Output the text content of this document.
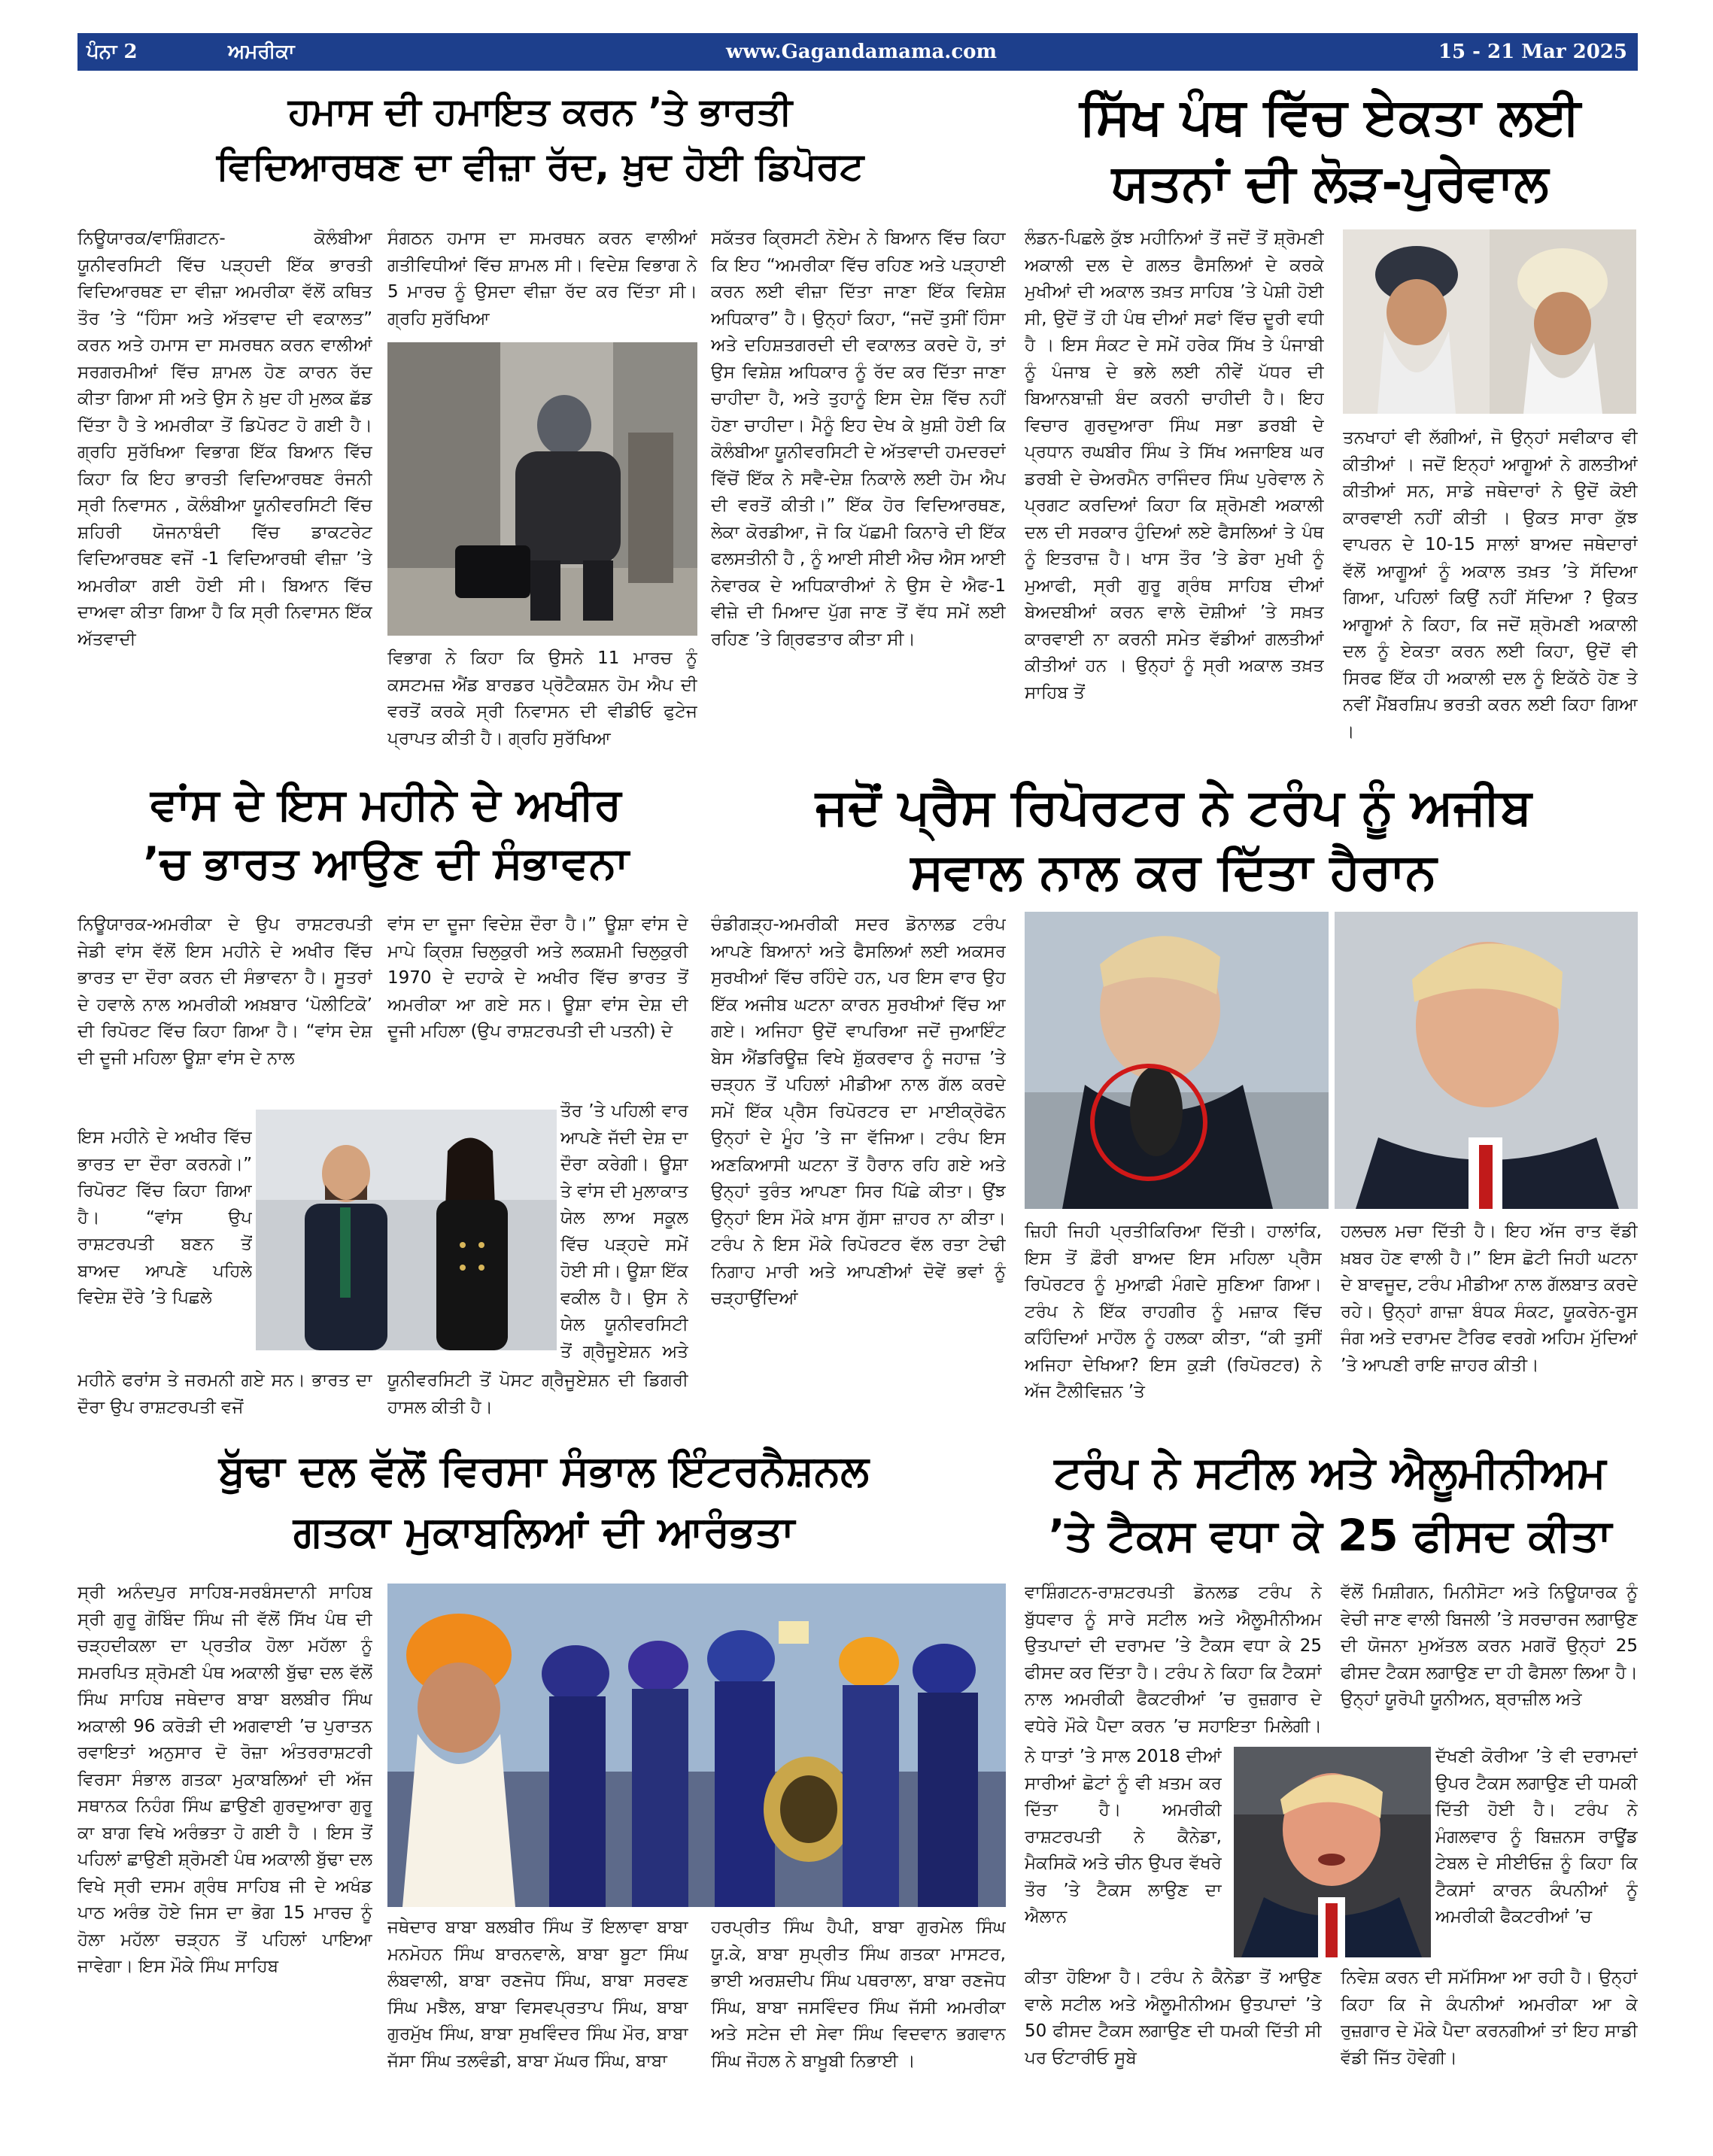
ਪੰਨਾ 2	ਅਮਰੀਕਾ	www.Gagandamama.com	15 - 21 Mar 2025
ਹਮਾਸ ਦੀ ਹਮਾਇਤ ਕਰਨ ’ਤੇ ਭਾਰਤੀ
ਵਿਦਿਆਰਥਣ ਦਾ ਵੀਜ਼ਾ ਰੱਦ, ਖ਼ੁਦ ਹੋਈ ਡਿਪੋਰਟ
ਨਿਊਯਾਰਕ/ਵਾਸ਼ਿੰਗਟਨ- ਕੋਲੰਬੀਆ ਯੂਨੀਵਰਸਿਟੀ ਵਿੱਚ ਪੜ੍ਹਦੀ ਇੱਕ ਭਾਰਤੀ ਵਿਦਿਆਰਥਣ ਦਾ ਵੀਜ਼ਾ ਅਮਰੀਕਾ ਵੱਲੋਂ ਕਥਿਤ ਤੌਰ ’ਤੇ “ਹਿੰਸਾ ਅਤੇ ਅੱਤਵਾਦ ਦੀ ਵਕਾਲਤ” ਕਰਨ ਅਤੇ ਹਮਾਸ ਦਾ ਸਮਰਥਨ ਕਰਨ ਵਾਲੀਆਂ ਸਰਗਰਮੀਆਂ ਵਿੱਚ ਸ਼ਾਮਲ ਹੋਣ ਕਾਰਨ ਰੱਦ ਕੀਤਾ ਗਿਆ ਸੀ ਅਤੇ ਉਸ ਨੇ ਖ਼ੁਦ ਹੀ ਮੁਲਕ ਛੱਡ ਦਿੱਤਾ ਹੈ ਤੇ ਅਮਰੀਕਾ ਤੋਂ ਡਿਪੋਰਟ ਹੋ ਗਈ ਹੈ। ਗ੍ਰਹਿ ਸੁਰੱਖਿਆ ਵਿਭਾਗ ਇੱਕ ਬਿਆਨ ਵਿੱਚ ਕਿਹਾ ਕਿ ਇਹ ਭਾਰਤੀ ਵਿਦਿਆਰਥਣ ਰੰਜਨੀ ਸ੍ਰੀ ਨਿਵਾਸਨ , ਕੋਲੰਬੀਆ ਯੂਨੀਵਰਸਿਟੀ ਵਿੱਚ ਸ਼ਹਿਰੀ ਯੋਜਨਾਬੰਦੀ ਵਿੱਚ ਡਾਕਟਰੇਟ ਵਿਦਿਆਰਥਣ ਵਜੋਂ -1 ਵਿਦਿਆਰਥੀ ਵੀਜ਼ਾ ’ਤੇ ਅਮਰੀਕਾ ਗਈ ਹੋਈ ਸੀ। ਬਿਆਨ ਵਿੱਚ ਦਾਅਵਾ ਕੀਤਾ ਗਿਆ ਹੈ ਕਿ ਸ੍ਰੀ ਨਿਵਾਸਨ ਇੱਕ ਅੱਤਵਾਦੀ
ਸੰਗਠਨ ਹਮਾਸ ਦਾ ਸਮਰਥਨ ਕਰਨ ਵਾਲੀਆਂ ਗਤੀਵਿਧੀਆਂ ਵਿੱਚ ਸ਼ਾਮਲ ਸੀ। ਵਿਦੇਸ਼ ਵਿਭਾਗ ਨੇ 5 ਮਾਰਚ ਨੂੰ ਉਸਦਾ ਵੀਜ਼ਾ ਰੱਦ ਕਰ ਦਿੱਤਾ ਸੀ। ਗ੍ਰਹਿ ਸੁਰੱਖਿਆ
ਵਿਭਾਗ ਨੇ ਕਿਹਾ ਕਿ ਉਸਨੇ 11 ਮਾਰਚ ਨੂੰ ਕਸਟਮਜ਼ ਐਂਡ ਬਾਰਡਰ ਪ੍ਰੋਟੈਕਸ਼ਨ ਹੋਮ ਐਪ ਦੀ ਵਰਤੋਂ ਕਰਕੇ ਸ੍ਰੀ ਨਿਵਾਸਨ ਦੀ ਵੀਡੀਓ ਫੁਟੇਜ ਪ੍ਰਾਪਤ ਕੀਤੀ ਹੈ। ਗ੍ਰਹਿ ਸੁਰੱਖਿਆ
ਸਕੱਤਰ ਕ੍ਰਿਸਟੀ ਨੋਏਮ ਨੇ ਬਿਆਨ ਵਿੱਚ ਕਿਹਾ ਕਿ ਇਹ “ਅਮਰੀਕਾ ਵਿੱਚ ਰਹਿਣ ਅਤੇ ਪੜ੍ਹਾਈ ਕਰਨ ਲਈ ਵੀਜ਼ਾ ਦਿੱਤਾ ਜਾਣਾ ਇੱਕ ਵਿਸ਼ੇਸ਼ ਅਧਿਕਾਰ” ਹੈ। ਉਨ੍ਹਾਂ ਕਿਹਾ, “ਜਦੋਂ ਤੁਸੀਂ ਹਿੰਸਾ ਅਤੇ ਦਹਿਸ਼ਤਗਰਦੀ ਦੀ ਵਕਾਲਤ ਕਰਦੇ ਹੋ, ਤਾਂ ਉਸ ਵਿਸ਼ੇਸ਼ ਅਧਿਕਾਰ ਨੂੰ ਰੱਦ ਕਰ ਦਿੱਤਾ ਜਾਣਾ ਚਾਹੀਦਾ ਹੈ, ਅਤੇ ਤੁਹਾਨੂੰ ਇਸ ਦੇਸ਼ ਵਿੱਚ ਨਹੀਂ ਹੋਣਾ ਚਾਹੀਦਾ। ਮੈਨੂੰ ਇਹ ਦੇਖ ਕੇ ਖ਼ੁਸ਼ੀ ਹੋਈ ਕਿ ਕੋਲੰਬੀਆ ਯੂਨੀਵਰਸਿਟੀ ਦੇ ਅੱਤਵਾਦੀ ਹਮਦਰਦਾਂ ਵਿੱਚੋਂ ਇੱਕ ਨੇ ਸਵੈ-ਦੇਸ਼ ਨਿਕਾਲੇ ਲਈ ਹੋਮ ਐਪ ਦੀ ਵਰਤੋਂ ਕੀਤੀ।” ਇੱਕ ਹੋਰ ਵਿਦਿਆਰਥਣ, ਲੇਕਾ ਕੋਰਡੀਆ, ਜੋ ਕਿ ਪੱਛਮੀ ਕਿਨਾਰੇ ਦੀ ਇੱਕ ਫਲਸਤੀਨੀ ਹੈ , ਨੂੰ ਆਈ ਸੀਈ ਐਚ ਐਸ ਆਈ ਨੇਵਾਰਕ ਦੇ ਅਧਿਕਾਰੀਆਂ ਨੇ ਉਸ ਦੇ ਐਫ-1 ਵੀਜ਼ੇ ਦੀ ਮਿਆਦ ਪੁੱਗ ਜਾਣ ਤੋਂ ਵੱਧ ਸਮੇਂ ਲਈ ਰਹਿਣ ’ਤੇ ਗ੍ਰਿਫਤਾਰ ਕੀਤਾ ਸੀ।
ਸਿੱਖ ਪੰਥ ਵਿੱਚ ਏਕਤਾ ਲਈ
ਯਤਨਾਂ ਦੀ ਲੋੜ-ਪੁਰੇਵਾਲ
ਲੰਡਨ-ਪਿਛਲੇ ਕੁੱਝ ਮਹੀਨਿਆਂ ਤੋਂ ਜਦੋਂ ਤੋਂ ਸ਼੍ਰੋਮਣੀ ਅਕਾਲੀ ਦਲ ਦੇ ਗਲਤ ਫੈਸਲਿਆਂ ਦੇ ਕਰਕੇ ਮੁਖੀਆਂ ਦੀ ਅਕਾਲ ਤਖ਼ਤ ਸਾਹਿਬ ’ਤੇ ਪੇਸ਼ੀ ਹੋਈ ਸੀ, ਉਦੋਂ ਤੋਂ ਹੀ ਪੰਥ ਦੀਆਂ ਸਫਾਂ ਵਿੱਚ ਦੂਰੀ ਵਧੀ ਹੈ । ਇਸ ਸੰਕਟ ਦੇ ਸਮੇਂ ਹਰੇਕ ਸਿੱਖ ਤੇ ਪੰਜਾਬੀ ਨੂੰ ਪੰਜਾਬ ਦੇ ਭਲੇ ਲਈ ਨੀਵੇਂ ਪੱਧਰ ਦੀ ਬਿਆਨਬਾਜ਼ੀ ਬੰਦ ਕਰਨੀ ਚਾਹੀਦੀ ਹੈ। ਇਹ ਵਿਚਾਰ ਗੁਰਦੁਆਰਾ ਸਿੰਘ ਸਭਾ ਡਰਬੀ ਦੇ ਪ੍ਰਧਾਨ ਰਘਬੀਰ ਸਿੰਘ ਤੇ ਸਿੱਖ ਅਜਾਇਬ ਘਰ ਡਰਬੀ ਦੇ ਚੇਅਰਮੈਨ ਰਾਜਿੰਦਰ ਸਿੰਘ ਪੁਰੇਵਾਲ ਨੇ ਪ੍ਰਗਟ ਕਰਦਿਆਂ ਕਿਹਾ ਕਿ ਸ਼੍ਰੋਮਣੀ ਅਕਾਲੀ ਦਲ ਦੀ ਸਰਕਾਰ ਹੁੰਦਿਆਂ ਲਏ ਫੈਸਲਿਆਂ ਤੇ ਪੰਥ ਨੂੰ ਇਤਰਾਜ਼ ਹੈ। ਖਾਸ ਤੌਰ ’ਤੇ ਡੇਰਾ ਮੁਖੀ ਨੂੰ ਮੁਆਫੀ, ਸ੍ਰੀ ਗੁਰੂ ਗ੍ਰੰਥ ਸਾਹਿਬ ਦੀਆਂ ਬੇਅਦਬੀਆਂ ਕਰਨ ਵਾਲੇ ਦੋਸ਼ੀਆਂ ’ਤੇ ਸਖ਼ਤ ਕਾਰਵਾਈ ਨਾ ਕਰਨੀ ਸਮੇਤ ਵੱਡੀਆਂ ਗਲਤੀਆਂ ਕੀਤੀਆਂ ਹਨ । ਉਨ੍ਹਾਂ ਨੂੰ ਸ੍ਰੀ ਅਕਾਲ ਤਖ਼ਤ ਸਾਹਿਬ ਤੋਂ
ਤਨਖਾਹਾਂ ਵੀ ਲੱਗੀਆਂ, ਜੋ ਉਨ੍ਹਾਂ ਸਵੀਕਾਰ ਵੀ ਕੀਤੀਆਂ । ਜਦੋਂ ਇਨ੍ਹਾਂ ਆਗੂਆਂ ਨੇ ਗਲਤੀਆਂ ਕੀਤੀਆਂ ਸਨ, ਸਾਡੇ ਜਥੇਦਾਰਾਂ ਨੇ ਉਦੋਂ ਕੋਈ ਕਾਰਵਾਈ ਨਹੀਂ ਕੀਤੀ । ਉਕਤ ਸਾਰਾ ਕੁੱਝ ਵਾਪਰਨ ਦੇ 10-15 ਸਾਲਾਂ ਬਾਅਦ ਜਥੇਦਾਰਾਂ ਵੱਲੋਂ ਆਗੂਆਂ ਨੂੰ ਅਕਾਲ ਤਖ਼ਤ ’ਤੇ ਸੱਦਿਆ ਗਿਆ, ਪਹਿਲਾਂ ਕਿਉਂ ਨਹੀਂ ਸੱਦਿਆ ? ਉਕਤ ਆਗੂਆਂ ਨੇ ਕਿਹਾ, ਕਿ ਜਦੋਂ ਸ਼੍ਰੋਮਣੀ ਅਕਾਲੀ ਦਲ ਨੂੰ ਏਕਤਾ ਕਰਨ ਲਈ ਕਿਹਾ, ਉਦੋਂ ਵੀ ਸਿਰਫ ਇੱਕ ਹੀ ਅਕਾਲੀ ਦਲ ਨੂੰ ਇਕੱਠੇ ਹੋਣ ਤੇ ਨਵੀਂ ਮੈਂਬਰਸ਼ਿਪ ਭਰਤੀ ਕਰਨ ਲਈ ਕਿਹਾ ਗਿਆ ।
ਵਾਂਸ ਦੇ ਇਸ ਮਹੀਨੇ ਦੇ ਅਖੀਰ
’ਚ ਭਾਰਤ ਆਉਣ ਦੀ ਸੰਭਾਵਨਾ
ਨਿਊਯਾਰਕ-ਅਮਰੀਕਾ ਦੇ ਉਪ ਰਾਸ਼ਟਰਪਤੀ ਜੇਡੀ ਵਾਂਸ ਵੱਲੋਂ ਇਸ ਮਹੀਨੇ ਦੇ ਅਖੀਰ ਵਿੱਚ ਭਾਰਤ ਦਾ ਦੌਰਾ ਕਰਨ ਦੀ ਸੰਭਾਵਨਾ ਹੈ। ਸੂਤਰਾਂ ਦੇ ਹਵਾਲੇ ਨਾਲ ਅਮਰੀਕੀ ਅਖ਼ਬਾਰ ‘ਪੋਲੀਟਿਕੋ’ ਦੀ ਰਿਪੋਰਟ ਵਿੱਚ ਕਿਹਾ ਗਿਆ ਹੈ। “ਵਾਂਸ ਦੇਸ਼ ਦੀ ਦੂਜੀ ਮਹਿਲਾ ਊਸ਼ਾ ਵਾਂਸ ਦੇ ਨਾਲ
ਇਸ ਮਹੀਨੇ ਦੇ ਅਖੀਰ ਵਿੱਚ ਭਾਰਤ ਦਾ ਦੌਰਾ ਕਰਨਗੇ।” ਰਿਪੋਰਟ ਵਿੱਚ ਕਿਹਾ ਗਿਆ ਹੈ। “ਵਾਂਸ ਉਪ ਰਾਸ਼ਟਰਪਤੀ ਬਣਨ ਤੋਂ ਬਾਅਦ ਆਪਣੇ ਪਹਿਲੇ ਵਿਦੇਸ਼ ਦੌਰੇ ’ਤੇ ਪਿਛਲੇ
ਮਹੀਨੇ ਫਰਾਂਸ ਤੇ ਜਰਮਨੀ ਗਏ ਸਨ। ਭਾਰਤ ਦਾ ਦੌਰਾ ਉਪ ਰਾਸ਼ਟਰਪਤੀ ਵਜੋਂ
ਵਾਂਸ ਦਾ ਦੂਜਾ ਵਿਦੇਸ਼ ਦੌਰਾ ਹੈ।” ਊਸ਼ਾ ਵਾਂਸ ਦੇ ਮਾਪੇ ਕ੍ਰਿਸ਼ ਚਿਲੁਕੁਰੀ ਅਤੇ ਲਕਸ਼ਮੀ ਚਿਲੁਕੁਰੀ 1970 ਦੇ ਦਹਾਕੇ ਦੇ ਅਖੀਰ ਵਿੱਚ ਭਾਰਤ ਤੋਂ ਅਮਰੀਕਾ ਆ ਗਏ ਸਨ। ਊਸ਼ਾ ਵਾਂਸ ਦੇਸ਼ ਦੀ ਦੂਜੀ ਮਹਿਲਾ (ਉਪ ਰਾਸ਼ਟਰਪਤੀ ਦੀ ਪਤਨੀ) ਦੇ
ਤੌਰ ’ਤੇ ਪਹਿਲੀ ਵਾਰ ਆਪਣੇ ਜੱਦੀ ਦੇਸ਼ ਦਾ ਦੌਰਾ ਕਰੇਗੀ। ਊਸ਼ਾ ਤੇ ਵਾਂਸ ਦੀ ਮੁਲਾਕਾਤ ਯੇਲ ਲਾਅ ਸਕੂਲ ਵਿੱਚ ਪੜ੍ਹਦੇ ਸਮੇਂ ਹੋਈ ਸੀ। ਊਸ਼ਾ ਇੱਕ ਵਕੀਲ ਹੈ। ਉਸ ਨੇ ਯੇਲ ਯੂਨੀਵਰਸਿਟੀ ਤੋਂ ਗ੍ਰੈਜੂਏਸ਼ਨ ਅਤੇ
ਯੂਨੀਵਰਸਿਟੀ ਤੋਂ ਪੋਸਟ ਗ੍ਰੈਜੂਏਸ਼ਨ ਦੀ ਡਿਗਰੀ ਹਾਸਲ ਕੀਤੀ ਹੈ।
ਜਦੋਂ ਪ੍ਰੈਸ ਰਿਪੋਰਟਰ ਨੇ ਟਰੰਪ ਨੂੰ ਅਜੀਬ
ਸਵਾਲ ਨਾਲ ਕਰ ਦਿੱਤਾ ਹੈਰਾਨ
ਚੰਡੀਗੜ੍ਹ-ਅਮਰੀਕੀ ਸਦਰ ਡੋਨਾਲਡ ਟਰੰਪ ਆਪਣੇ ਬਿਆਨਾਂ ਅਤੇ ਫੈਸਲਿਆਂ ਲਈ ਅਕਸਰ ਸੁਰਖੀਆਂ ਵਿੱਚ ਰਹਿੰਦੇ ਹਨ, ਪਰ ਇਸ ਵਾਰ ਉਹ ਇੱਕ ਅਜੀਬ ਘਟਨਾ ਕਾਰਨ ਸੁਰਖੀਆਂ ਵਿੱਚ ਆ ਗਏ। ਅਜਿਹਾ ਉਦੋਂ ਵਾਪਰਿਆ ਜਦੋਂ ਜੁਆਇੰਟ ਬੇਸ ਐਂਡਰਿਊਜ਼ ਵਿਖੇ ਸ਼ੁੱਕਰਵਾਰ ਨੂੰ ਜਹਾਜ਼ ’ਤੇ ਚੜ੍ਹਨ ਤੋਂ ਪਹਿਲਾਂ ਮੀਡੀਆ ਨਾਲ ਗੱਲ ਕਰਦੇ ਸਮੇਂ ਇੱਕ ਪ੍ਰੈਸ ਰਿਪੋਰਟਰ ਦਾ ਮਾਈਕ੍ਰੋਫੋਨ ਉਨ੍ਹਾਂ ਦੇ ਮੂੰਹ ’ਤੇ ਜਾ ਵੱਜਿਆ। ਟਰੰਪ ਇਸ ਅਣਕਿਆਸੀ ਘਟਨਾ ਤੋਂ ਹੈਰਾਨ ਰਹਿ ਗਏ ਅਤੇ ਉਨ੍ਹਾਂ ਤੁਰੰਤ ਆਪਣਾ ਸਿਰ ਪਿੱਛੇ ਕੀਤਾ। ਉਂਝ ਉਨ੍ਹਾਂ ਇਸ ਮੌਕੇ ਖ਼ਾਸ ਗੁੱਸਾ ਜ਼ਾਹਰ ਨਾ ਕੀਤਾ। ਟਰੰਪ ਨੇ ਇਸ ਮੌਕੇ ਰਿਪੋਰਟਰ ਵੱਲ ਰਤਾ ਟੇਢੀ ਨਿਗਾਹ ਮਾਰੀ ਅਤੇ ਆਪਣੀਆਂ ਦੋਵੇਂ ਭਵਾਂ ਨੂੰ ਚੜ੍ਹਾਉਂਦਿਆਂ
ਜ਼ਿਹੀ ਜਿਹੀ ਪ੍ਰਤੀਕਿਰਿਆ ਦਿੱਤੀ। ਹਾਲਾਂਕਿ, ਇਸ ਤੋਂ ਫ਼ੌਰੀ ਬਾਅਦ ਇਸ ਮਹਿਲਾ ਪ੍ਰੈਸ ਰਿਪੋਰਟਰ ਨੂੰ ਮੁਆਫ਼ੀ ਮੰਗਦੇ ਸੁਣਿਆ ਗਿਆ। ਟਰੰਪ ਨੇ ਇੱਕ ਰਾਹਗੀਰ ਨੂੰ ਮਜ਼ਾਕ ਵਿੱਚ ਕਹਿੰਦਿਆਂ ਮਾਹੌਲ ਨੂੰ ਹਲਕਾ ਕੀਤਾ, “ਕੀ ਤੁਸੀਂ ਅਜਿਹਾ ਦੇਖਿਆ? ਇਸ ਕੁੜੀ (ਰਿਪੋਰਟਰ) ਨੇ ਅੱਜ ਟੈਲੀਵਿਜ਼ਨ ’ਤੇ
ਹਲਚਲ ਮਚਾ ਦਿੱਤੀ ਹੈ। ਇਹ ਅੱਜ ਰਾਤ ਵੱਡੀ ਖ਼ਬਰ ਹੋਣ ਵਾਲੀ ਹੈ।” ਇਸ ਛੋਟੀ ਜਿਹੀ ਘਟਨਾ ਦੇ ਬਾਵਜੂਦ, ਟਰੰਪ ਮੀਡੀਆ ਨਾਲ ਗੱਲਬਾਤ ਕਰਦੇ ਰਹੇ। ਉਨ੍ਹਾਂ ਗਾਜ਼ਾ ਬੰਧਕ ਸੰਕਟ, ਯੂਕਰੇਨ-ਰੂਸ ਜੰਗ ਅਤੇ ਦਰਾਮਦ ਟੈਰਿਫ ਵਰਗੇ ਅਹਿਮ ਮੁੱਦਿਆਂ ’ਤੇ ਆਪਣੀ ਰਾਇ ਜ਼ਾਹਰ ਕੀਤੀ।
ਬੁੱਢਾ ਦਲ ਵੱਲੋਂ ਵਿਰਸਾ ਸੰਭਾਲ ਇੰਟਰਨੈਸ਼ਨਲ
ਗਤਕਾ ਮੁਕਾਬਲਿਆਂ ਦੀ ਆਰੰਭਤਾ
ਸ੍ਰੀ ਅਨੰਦਪੁਰ ਸਾਹਿਬ-ਸਰਬੰਸਦਾਨੀ ਸਾਹਿਬ ਸ੍ਰੀ ਗੁਰੂ ਗੋਬਿੰਦ ਸਿੰਘ ਜੀ ਵੱਲੋਂ ਸਿੱਖ ਪੰਥ ਦੀ ਚੜ੍ਹਦੀਕਲਾ ਦਾ ਪ੍ਰਤੀਕ ਹੋਲਾ ਮਹੱਲਾ ਨੂੰ ਸਮਰਪਿਤ ਸ਼੍ਰੋਮਣੀ ਪੰਥ ਅਕਾਲੀ ਬੁੱਢਾ ਦਲ ਵੱਲੋਂ ਸਿੰਘ ਸਾਹਿਬ ਜਥੇਦਾਰ ਬਾਬਾ ਬਲਬੀਰ ਸਿੰਘ ਅਕਾਲੀ 96 ਕਰੋੜੀ ਦੀ ਅਗਵਾਈ ’ਚ ਪੁਰਾਤਨ ਰਵਾਇਤਾਂ ਅਨੁਸਾਰ ਦੋ ਰੋਜ਼ਾ ਅੰਤਰਰਾਸ਼ਟਰੀ ਵਿਰਸਾ ਸੰਭਾਲ ਗਤਕਾ ਮੁਕਾਬਲਿਆਂ ਦੀ ਅੱਜ ਸਥਾਨਕ ਨਿਹੰਗ ਸਿੰਘ ਛਾਉਣੀ ਗੁਰਦੁਆਰਾ ਗੁਰੂ ਕਾ ਬਾਗ ਵਿਖੇ ਅਰੰਭਤਾ ਹੋ ਗਈ ਹੈ । ਇਸ ਤੋਂ ਪਹਿਲਾਂ ਛਾਉਣੀ ਸ਼੍ਰੋਮਣੀ ਪੰਥ ਅਕਾਲੀ ਬੁੱਢਾ ਦਲ ਵਿਖੇ ਸ੍ਰੀ ਦਸਮ ਗ੍ਰੰਥ ਸਾਹਿਬ ਜੀ ਦੇ ਅਖੰਡ ਪਾਠ ਅਰੰਭ ਹੋਏ ਜਿਸ ਦਾ ਭੋਗ 15 ਮਾਰਚ ਨੂੰ ਹੋਲਾ ਮਹੱਲਾ ਚੜ੍ਹਨ ਤੋਂ ਪਹਿਲਾਂ ਪਾਇਆ ਜਾਵੇਗਾ। ਇਸ ਮੌਕੇ ਸਿੰਘ ਸਾਹਿਬ
ਜਥੇਦਾਰ ਬਾਬਾ ਬਲਬੀਰ ਸਿੰਘ ਤੋਂ ਇਲਾਵਾ ਬਾਬਾ ਮਨਮੋਹਨ ਸਿੰਘ ਬਾਰਨਵਾਲੇ, ਬਾਬਾ ਬੂਟਾ ਸਿੰਘ ਲੰਬਵਾਲੀ, ਬਾਬਾ ਰਣਜੋਧ ਸਿੰਘ, ਬਾਬਾ ਸਰਵਣ ਸਿੰਘ ਮਝੈਲ, ਬਾਬਾ ਵਿਸਵਪ੍ਰਤਾਪ ਸਿੰਘ, ਬਾਬਾ ਗੁਰਮੁੱਖ ਸਿੰਘ, ਬਾਬਾ ਸੁਖਵਿੰਦਰ ਸਿੰਘ ਮੌਰ, ਬਾਬਾ ਜੱਸਾ ਸਿੰਘ ਤਲਵੰਡੀ, ਬਾਬਾ ਮੱਘਰ ਸਿੰਘ, ਬਾਬਾ
ਹਰਪ੍ਰੀਤ ਸਿੰਘ ਹੈਪੀ, ਬਾਬਾ ਗੁਰਮੇਲ ਸਿੰਘ ਯੂ.ਕੇ, ਬਾਬਾ ਸੁਪ੍ਰੀਤ ਸਿੰਘ ਗਤਕਾ ਮਾਸਟਰ, ਭਾਈ ਅਰਸ਼ਦੀਪ ਸਿੰਘ ਪਥਰਾਲਾ, ਬਾਬਾ ਰਣਜੋਧ ਸਿੰਘ, ਬਾਬਾ ਜਸਵਿੰਦਰ ਸਿੰਘ ਜੱਸੀ ਅਮਰੀਕਾ ਅਤੇ ਸਟੇਜ ਦੀ ਸੇਵਾ ਸਿੰਘ ਵਿਦਵਾਨ ਭਗਵਾਨ ਸਿੰਘ ਜੌਹਲ ਨੇ ਬਾਖ਼ੂਬੀ ਨਿਭਾਈ ।
ਟਰੰਪ ਨੇ ਸਟੀਲ ਅਤੇ ਐਲੂਮੀਨੀਅਮ
’ਤੇ ਟੈਕਸ ਵਧਾ ਕੇ 25 ਫੀਸਦ ਕੀਤਾ
ਵਾਸ਼ਿੰਗਟਨ-ਰਾਸ਼ਟਰਪਤੀ ਡੋਨਲਡ ਟਰੰਪ ਨੇ ਬੁੱਧਵਾਰ ਨੂੰ ਸਾਰੇ ਸਟੀਲ ਅਤੇ ਐਲੂਮੀਨੀਅਮ ਉਤਪਾਦਾਂ ਦੀ ਦਰਾਮਦ ’ਤੇ ਟੈਕਸ ਵਧਾ ਕੇ 25 ਫੀਸਦ ਕਰ ਦਿੱਤਾ ਹੈ। ਟਰੰਪ ਨੇ ਕਿਹਾ ਕਿ ਟੈਕਸਾਂ ਨਾਲ ਅਮਰੀਕੀ ਫੈਕਟਰੀਆਂ ’ਚ ਰੁਜ਼ਗਾਰ ਦੇ ਵਧੇਰੇ ਮੌਕੇ ਪੈਦਾ ਕਰਨ ’ਚ ਸਹਾਇਤਾ ਮਿਲੇਗੀ।
ਨੇ ਧਾਤਾਂ ’ਤੇ ਸਾਲ 2018 ਦੀਆਂ ਸਾਰੀਆਂ ਛੋਟਾਂ ਨੂੰ ਵੀ ਖ਼ਤਮ ਕਰ ਦਿੱਤਾ ਹੈ। ਅਮਰੀਕੀ ਰਾਸ਼ਟਰਪਤੀ ਨੇ ਕੈਨੇਡਾ, ਮੈਕਸਿਕੋ ਅਤੇ ਚੀਨ ਉਪਰ ਵੱਖਰੇ ਤੌਰ ’ਤੇ ਟੈਕਸ ਲਾਉਣ ਦਾ ਐਲਾਨ
ਕੀਤਾ ਹੋਇਆ ਹੈ। ਟਰੰਪ ਨੇ ਕੈਨੇਡਾ ਤੋਂ ਆਉਣ ਵਾਲੇ ਸਟੀਲ ਅਤੇ ਐਲੂਮੀਨੀਅਮ ਉਤਪਾਦਾਂ ’ਤੇ 50 ਫੀਸਦ ਟੈਕਸ ਲਗਾਉਣ ਦੀ ਧਮਕੀ ਦਿੱਤੀ ਸੀ ਪਰ ਓਂਟਾਰੀਓ ਸੂਬੇ
ਵੱਲੋਂ ਮਿਸ਼ੀਗਨ, ਮਿਨੀਸੋਟਾ ਅਤੇ ਨਿਊਯਾਰਕ ਨੂੰ ਵੇਚੀ ਜਾਣ ਵਾਲੀ ਬਿਜਲੀ ’ਤੇ ਸਰਚਾਰਜ ਲਗਾਉਣ ਦੀ ਯੋਜਨਾ ਮੁਅੱਤਲ ਕਰਨ ਮਗਰੋਂ ਉਨ੍ਹਾਂ 25 ਫੀਸਦ ਟੈਕਸ ਲਗਾਉਣ ਦਾ ਹੀ ਫੈਸਲਾ ਲਿਆ ਹੈ। ਉਨ੍ਹਾਂ ਯੂਰੋਪੀ ਯੂਨੀਅਨ, ਬ੍ਰਾਜ਼ੀਲ ਅਤੇ
ਦੱਖਣੀ ਕੋਰੀਆ ’ਤੇ ਵੀ ਦਰਾਮਦਾਂ ਉਪਰ ਟੈਕਸ ਲਗਾਉਣ ਦੀ ਧਮਕੀ ਦਿੱਤੀ ਹੋਈ ਹੈ। ਟਰੰਪ ਨੇ ਮੰਗਲਵਾਰ ਨੂੰ ਬਿਜ਼ਨਸ ਰਾਊਂਡ ਟੇਬਲ ਦੇ ਸੀਈਓਜ਼ ਨੂੰ ਕਿਹਾ ਕਿ ਟੈਕਸਾਂ ਕਾਰਨ ਕੰਪਨੀਆਂ ਨੂੰ ਅਮਰੀਕੀ ਫੈਕਟਰੀਆਂ ’ਚ
ਨਿਵੇਸ਼ ਕਰਨ ਦੀ ਸਮੱਸਿਆ ਆ ਰਹੀ ਹੈ। ਉਨ੍ਹਾਂ ਕਿਹਾ ਕਿ ਜੇ ਕੰਪਨੀਆਂ ਅਮਰੀਕਾ ਆ ਕੇ ਰੁਜ਼ਗਾਰ ਦੇ ਮੌਕੇ ਪੈਦਾ ਕਰਨਗੀਆਂ ਤਾਂ ਇਹ ਸਾਡੀ ਵੱਡੀ ਜਿੱਤ ਹੋਵੇਗੀ।
